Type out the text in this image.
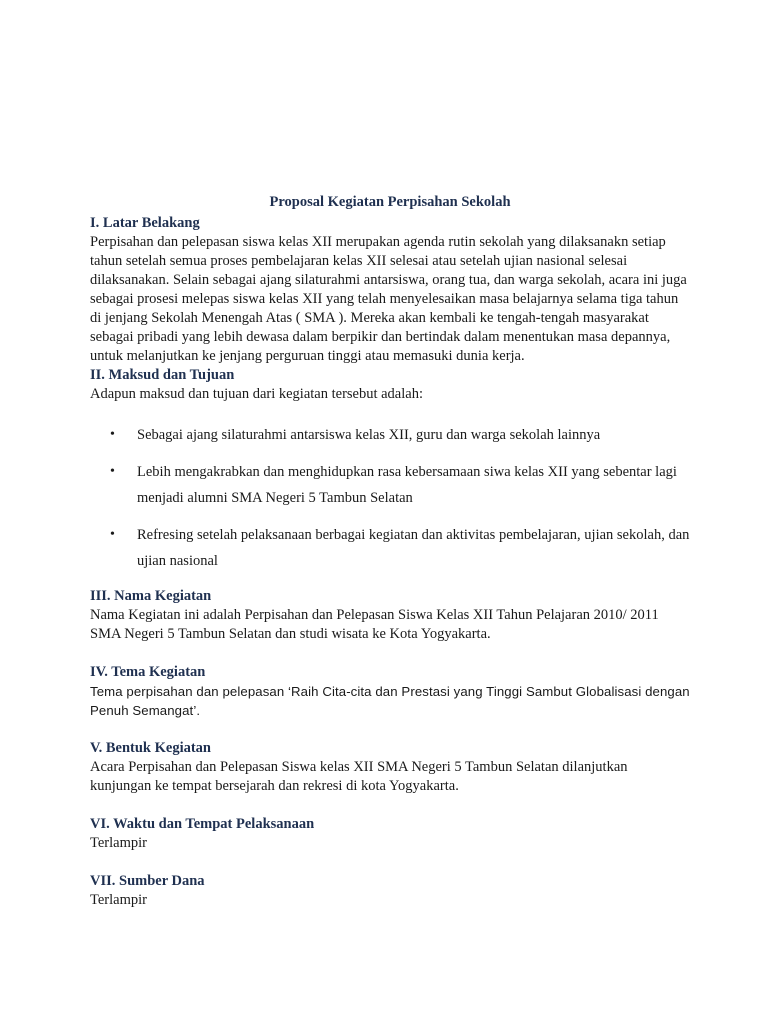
Proposal Kegiatan Perpisahan Sekolah

I. Latar Belakang

Perpisahan dan pelepasan siswa kelas XII merupakan agenda rutin sekolah yang dilaksanakn setiap tahun setelah semua proses pembelajaran kelas XII selesai atau setelah ujian nasional selesai dilaksanakan. Selain sebagai ajang silaturahmi antarsiswa, orang tua, dan warga sekolah, acara ini juga sebagai prosesi melepas siswa kelas XII yang telah menyelesaikan masa belajarnya selama tiga tahun di jenjang Sekolah Menengah Atas ( SMA ). Mereka akan kembali ke tengah-tengah masyarakat sebagai pribadi yang lebih dewasa dalam berpikir dan bertindak dalam menentukan masa depannya, untuk melanjutkan ke jenjang perguruan tinggi atau memasuki dunia kerja.

II. Maksud dan Tujuan

Adapun maksud dan tujuan dari kegiatan tersebut adalah:

• Sebagai ajang silaturahmi antarsiswa kelas XII, guru dan warga sekolah lainnya
• Lebih mengakrabkan dan menghidupkan rasa kebersamaan siwa kelas XII yang sebentar lagi menjadi alumni SMA Negeri 5 Tambun Selatan
• Refresing setelah pelaksanaan berbagai kegiatan dan aktivitas pembelajaran, ujian sekolah, dan ujian nasional

III. Nama Kegiatan

Nama Kegiatan ini adalah Perpisahan dan Pelepasan Siswa Kelas XII Tahun Pelajaran 2010/ 2011 SMA Negeri 5 Tambun Selatan dan studi wisata ke Kota Yogyakarta.

IV. Tema Kegiatan

Tema perpisahan dan pelepasan ‘Raih Cita-cita dan Prestasi yang Tinggi Sambut Globalisasi dengan Penuh Semangat’.

V. Bentuk Kegiatan

Acara Perpisahan dan Pelepasan Siswa kelas XII SMA Negeri 5 Tambun Selatan dilanjutkan kunjungan ke tempat bersejarah dan rekresi di kota Yogyakarta.

VI. Waktu dan Tempat Pelaksanaan

Terlampir

VII. Sumber Dana

Terlampir
